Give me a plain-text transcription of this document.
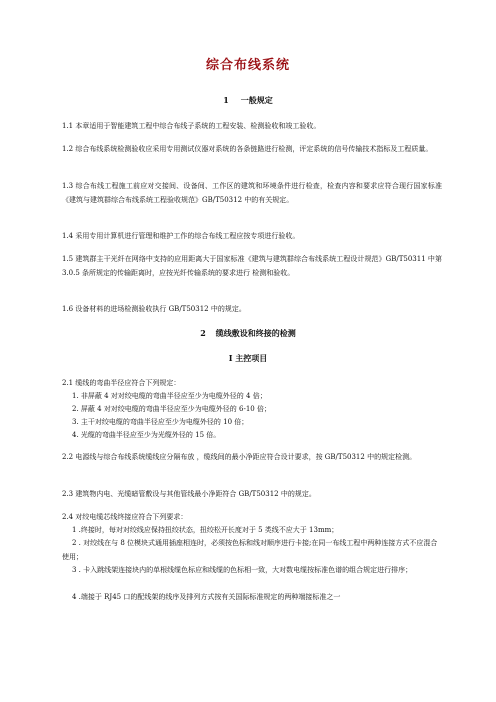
综合布线系统
1 一般规定
1.1 本章适用于智能建筑工程中综合布线子系统的工程安装、检测验收和竣工验收。
1.2 综合布线系统检测验收应采用专用测试仪器对系统的各条链路进行检测，评定系统的信号传输技术指标及工程质量。
1.3 综合布线工程施工前应对交接间、设备间、工作区的建筑和环境条件进行检查，检查内容和要求应符合现行国家标准《建筑与建筑群综合布线系统工程验收规范》GB/T50312 中的有关规定。
1.4 采用专用计算机进行管理和维护工作的综合布线工程应按专项进行验收。
1.5 建筑群主干光纤在网络中支持的应用距离大于国家标准《建筑与建筑群综合布线系统工程设计规范》GB/T50311 中第 3.0.5 条所规定的传输距离时，应按光纤传输系统的要求进行 检测和验收。
1.6 设备材料的进场检测验收执行 GB/T50312 中的规定。
2 缆线敷设和终接的检测
I 主控项目
2.1 缆线的弯曲半径应符合下列规定：
1. 非屏蔽 4 对对绞电缆的弯曲半径应至少为电缆外径的 4 倍；
2. 屏蔽 4 对对绞电缆的弯曲半径应至少为电缆外径的 6-10 倍；
3. 主干对绞电缆的弯曲半径应至少为电缆外径的 10 倍；
4. 光缆的弯曲半径应至少为光缆外径的 15 倍。
2.2 电源线与综合布线系统缆线应分隔布放 ，缆线间的最小净距应符合设计要求，按 GB/T50312 中的规定检测。
2.3 建筑物内电、光缆暗管敷设与其他管线最小净距符合 GB/T50312 中的规定。
2.4 对绞电缆芯线终接应符合下列要求：
1 .终接时，每对对绞线应保持扭绞状态，扭绞松开长度对于 5 类线不应大于 13mm；
2 . 对绞线在与 8 位模块式通用插座相连时，必须按色标和线对顺序进行卡接;在同一布线工程中两种连接方式不应混合使用；
3 . 卡入跳线架连接块内的单根线缆色标应和线缆的色标相一致，大对数电缆按标准色谱的组合规定进行排序；
4 .端接于 RJ45 口的配线架的线序及排列方式按有关国际标准规定的两种端接标准之一
